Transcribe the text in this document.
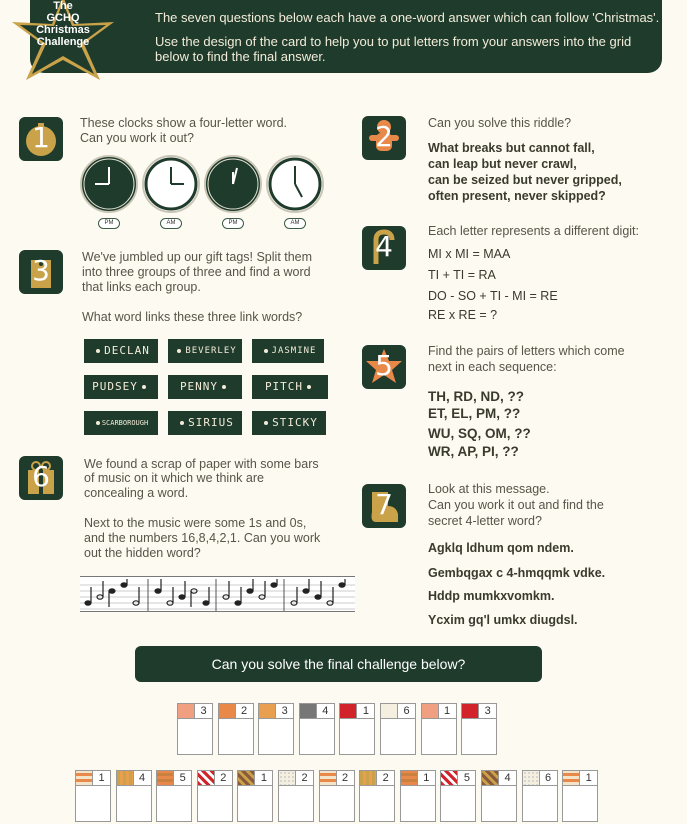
The seven questions below each have a one-word answer which can follow 'Christmas'.
Use the design of the card to help you to put letters from your answers into the grid
below to find the final answer.
The
GCHQ
Christmas
Challenge
1	These clocks show a four-letter word.
Can you work it out?
PM	AM	PM	AM
2	Can you solve this riddle?
What breaks but cannot fall,
can leap but never crawl,
can be seized but never gripped,
often present, never skipped?
3	We've jumbled up our gift tags! Split them
into three groups of three and find a word
that links each group.
What word links these three link words?
DECLAN	BEVERLEY	JASMINE
PUDSEY	PENNY	PITCH
SCARBOROUGH	SIRIUS	STICKY
4	Each letter represents a different digit:
MI x MI = MAA
TI + TI = RA
DO - SO + TI - MI = RE
RE x RE = ?
5	Find the pairs of letters which come
next in each sequence:
TH, RD, ND, ??
ET, EL, PM, ??
WU, SQ, OM, ??
WR, AP, PI, ??
6	We found a scrap of paper with some bars
of music on it which we think are
concealing a word.
Next to the music were some 1s and 0s,
and the numbers 16,8,4,2,1. Can you work
out the hidden word?
7	Look at this message.
Can you work it out and find the
secret 4-letter word?
Agklq ldhum qom ndem.
Gembqgax c 4-hmqqmk vdke.
Hddp mumkxvomkm.
Ycxim gq'l umkx diugdsl.
Can you solve the final challenge below?
3	2	3	4	1	6	1	3
1	4	5	2	1	2	2	2	1	5	4	6	1
